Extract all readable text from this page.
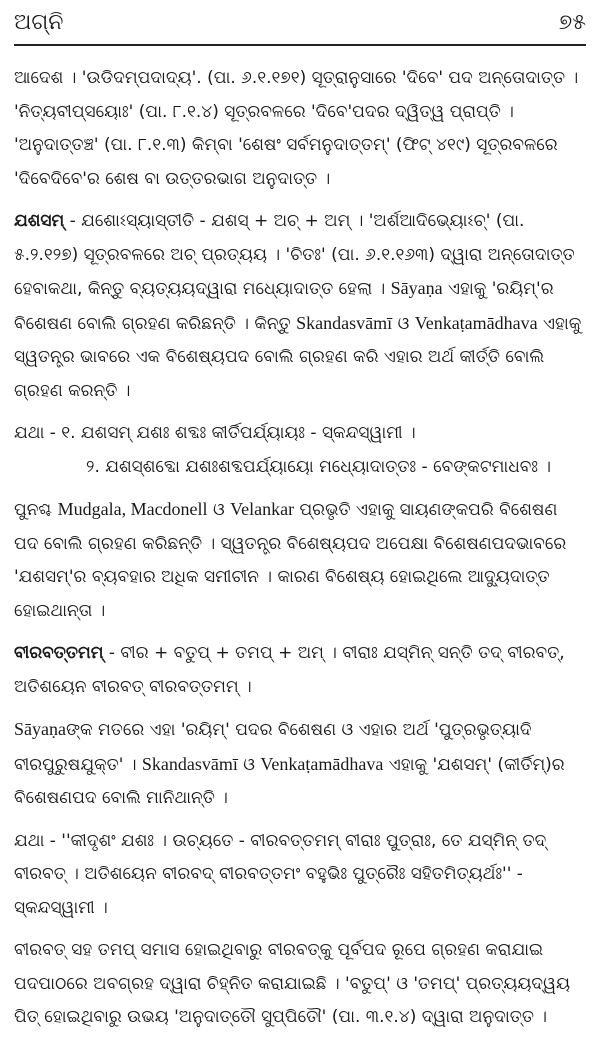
ଅଗ୍ନି	୭୫

ଆଦେଶ । 'ଉଡିଦମ୍ପଦାଦ୍ୟ'. (ପା. ୬.୧.୧୭୧) ସୂତ୍ରାନୁସାରେ 'ଦିବେ' ପଦ ଅନ୍ତୋଦାତ୍ତ । 'ନିତ୍ୟବୀପ୍ସୟୋଃ' (ପା. ୮.୧.୪) ସୂତ୍ରବଳରେ 'ଦିବେ'ପଦର ଦ୍ୱିତ୍ୱ ପ୍ରାପ୍ତି । 'ଅନୁଦାତ୍ତଞ୍ଚ' (ପା. ୮.୧.୩) କିମ୍ବା 'ଶେଷଂ ସର୍ବମନୁଦାତ୍ତମ୍' (ଫିଟ୍ ୪୧୯) ସୂତ୍ରବଳରେ 'ଦିବେଦିବେ'ର ଶେଷ ବା ଉତ୍ତରଭାଗ ଅନୁଦାତ୍ତ ।

ଯଶସମ୍ - ଯଶୋଽସ୍ୟାସ୍ତୀତି - ଯଶସ୍ + ଅଚ୍ + ଅମ୍ । 'ଅର୍ଶଆଦିଭ୍ୟୋଽଚ୍' (ପା. ୫.୨.୧୨୭) ସୂତ୍ରବଳରେ ଅଚ୍ ପ୍ରତ୍ୟୟ । 'ଚିତଃ' (ପା. ୬.୧.୧୬୩) ଦ୍ୱାରା ଅନ୍ତୋଦାତ୍ତ ହେବାକଥା, କିନ୍ତୁ ବ୍ୟତ୍ୟୟଦ୍ୱାରା ମଧ୍ୟୋଦାତ୍ତ ହେଲା । Sāyaṇa ଏହାକୁ 'ରୟିମ୍'ର ବିଶେଷଣ ବୋଲି ଗ୍ରହଣ କରିଛନ୍ତି । କିନ୍ତୁ Skandasvāmī ଓ Venkaṭamādhava ଏହାକୁ ସ୍ୱତନ୍ତ୍ର ଭାବରେ ଏକ ବିଶେଷ୍ୟପଦ ବୋଲି ଗ୍ରହଣ କରି ଏହାର ଅର୍ଥ କୀର୍ତ୍ତି ବୋଲି ଗ୍ରହଣ କରନ୍ତି ।

ଯଥା - ୧. ଯଶସମ୍ ଯଶଃ ଶବ୍ଦଃ କୀର୍ତିପର୍ଯ୍ୟାୟଃ - ସ୍କନ୍ଦସ୍ୱାମୀ ।

୨. ଯଶସ୍ଶବ୍ଦୋ ଯଶଃଶବ୍ଦପର୍ଯ୍ୟାୟୋ ମଧ୍ୟୋଦାତ୍ତଃ - ବେଙ୍କଟମାଧବଃ ।

ପୁନଶ୍ଚ Mudgala, Macdonell ଓ Velankar ପ୍ରଭୃତି ଏହାକୁ ସାୟଣଙ୍କପରି ବିଶେଷଣ ପଦ ବୋଲି ଗ୍ରହଣ କରିଛନ୍ତି । ସ୍ୱତନ୍ତ୍ର ବିଶେଷ୍ୟପଦ ଅପେକ୍ଷା ବିଶେଷଣପଦଭାବରେ 'ଯଶସମ୍'ର ବ୍ୟବହାର ଅଧିକ ସମୀଚୀନ । କାରଣ ବିଶେଷ୍ୟ ହୋଇଥିଲେ ଆଦ୍ୟୁଦାତ୍ତ ହୋଇଥାନ୍ତା ।

ବୀରବତ୍ତମମ୍ - ବୀର + ବତୁପ୍ + ତମପ୍ + ଅମ୍ । ବୀରାଃ ଯସ୍ମିନ୍ ସନ୍ତି ତଦ୍ ବୀରବତ୍, ଅତିଶୟେନ ବୀରବତ୍ ବୀରବତ୍ତମମ୍ ।

Sāyaṇaଙ୍କ ମତରେ ଏହା 'ରୟିମ୍' ପଦର ବିଶେଷଣ ଓ ଏହାର ଅର୍ଥ 'ପୁତ୍ରଭୃତ୍ୟାଦି ବୀରପୁରୁଷଯୁକ୍ତ' । Skandasvāmī ଓ Venkaṭamādhava ଏହାକୁ 'ଯଶସମ୍' (କୀର୍ତିମ୍)ର ବିଶେଷଣପଦ ବୋଲି ମାନିଥାନ୍ତି ।

ଯଥା - ''କୀଦୃଶଂ ଯଶଃ । ଉଚ୍ୟତେ - ବୀରବତ୍ତମମ୍ ବୀରାଃ ପୁତ୍ରାଃ, ତେ ଯସ୍ମିନ୍ ତଦ୍ ବୀରବତ୍ । ଅତିଶୟେନ ବୀରବଦ୍ ବୀରବତ୍ତମଂ ବହୁଭିଃ ପୁତ୍ରୈଃ ସହିତମିତ୍ୟର୍ଥଃ'' - ସ୍କନ୍ଦସ୍ୱାମୀ ।

ବୀରବତ୍ ସହ ତମପ୍ ସମାସ ହୋଇଥିବାରୁ ବୀରବତ୍କୁ ପୂର୍ବପଦ ରୂପେ ଗ୍ରହଣ କରାଯାଇ ପଦପାଠରେ ଅବଗ୍ରହ ଦ୍ୱାରା ଚିହ୍ନିତ କରାଯାଇଛି । 'ବତୁପ୍' ଓ 'ତମପ୍' ପ୍ରତ୍ୟୟଦ୍ୱୟ ପିତ୍ ହୋଇଥିବାରୁ ଉଭୟ 'ଅନୁଦାତ୍ତୌ ସୁପ୍ପିତୌ' (ପା. ୩.୧.୪) ଦ୍ୱାରା ଅନୁଦାତ୍ତ ।
